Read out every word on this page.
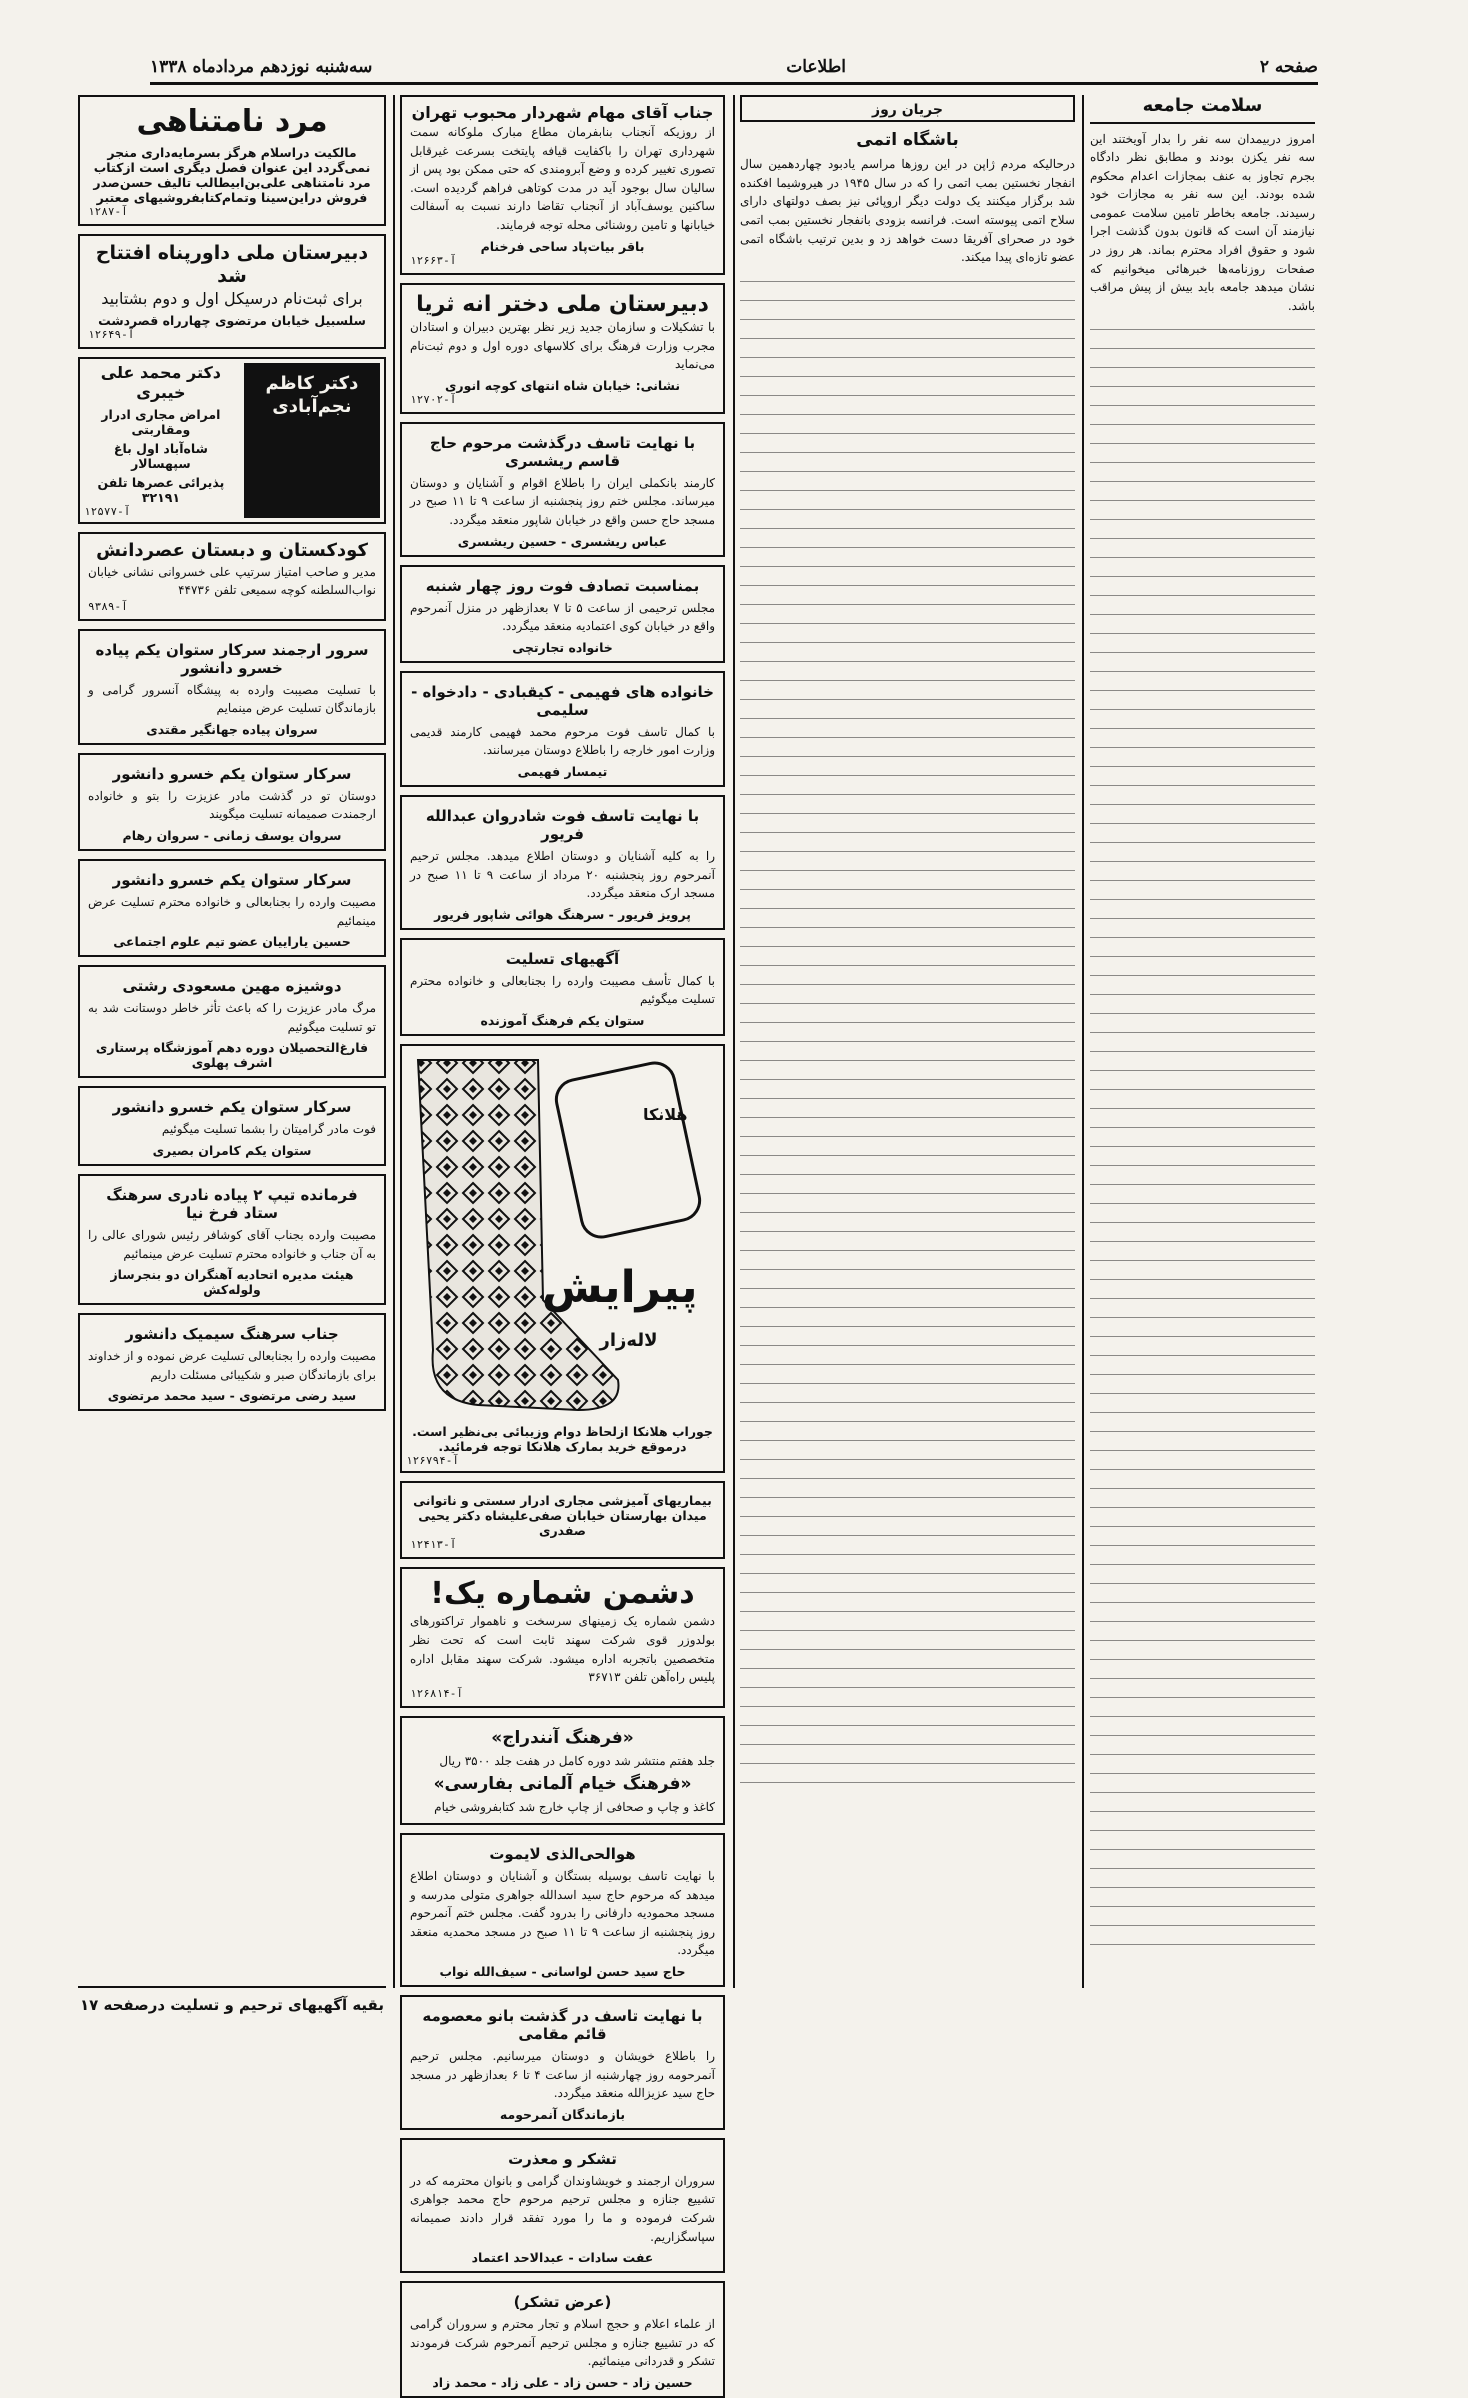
صفحه ۲
اطلاعات
سه‌شنبه نوزدهم مردادماه ۱۳۳۸
سلامت جامعه
امروز دربیمدان سه نفر را بدار آویختند این سه نفر یکزن بودند و مطابق نظر دادگاه بجرم تجاوز به عنف بمجازات اعدام محکوم شده بودند. این سه نفر به مجازات خود رسیدند. جامعه بخاطر تامین سلامت عمومی نیازمند آن است که قانون بدون گذشت اجرا شود و حقوق افراد محترم بماند. هر روز در صفحات روزنامه‌ها خبرهائی میخوانیم که نشان میدهد جامعه باید بیش از پیش مراقب باشد.
جریان روز
باشگاه اتمی
درحالیکه مردم ژاپن در این روزها مراسم یادبود چهاردهمین سال انفجار نخستین بمب اتمی را که در سال ۱۹۴۵ در هیروشیما افکنده شد برگزار میکنند یک دولت دیگر اروپائی نیز بصف دولتهای دارای سلاح اتمی پیوسته است. فرانسه بزودی بانفجار نخستین بمب اتمی خود در صحرای آفریقا دست خواهد زد و بدین ترتیب باشگاه اتمی عضو تازه‌ای پیدا میکند.
جناب آقای مهام شهردار محبوب تهران
از روزیکه آنجناب بنابفرمان مطاع مبارک ملوکانه سمت شهرداری تهران را باکفایت قیافه پایتخت بسرعت غیرقابل تصوری تغییر کرده و وضع آبرومندی که حتی ممکن بود پس از سالیان سال بوجود آید در مدت کوتاهی فراهم گردیده است. ساکنین یوسف‌آباد از آنجناب تقاضا دارند نسبت به آسفالت خیابانها و تامین روشنائی محله توجه فرمایند.
باقر بیات‌پاد ساحی فرخنام
آ-۱۲۶۶۳
دبیرستان ملی دختر انه ثریا
با تشکیلات و سازمان جدید زیر نظر بهترین دبیران و استادان مجرب وزارت فرهنگ برای کلاسهای دوره اول و دوم ثبت‌نام می‌نماید
نشانی: خیابان شاه انتهای کوچه انوری
آ-۱۲۷۰۲
با نهایت تاسف درگذشت مرحوم حاج قاسم ریشسری
کارمند بانکملی ایران را باطلاع اقوام و آشنایان و دوستان میرساند. مجلس ختم روز پنجشنبه از ساعت ۹ تا ۱۱ صبح در مسجد حاج حسن واقع در خیابان شاپور منعقد میگردد.
عباس ریشسری - حسین ریشسری
بمناسبت تصادف فوت روز چهار شنبه
مجلس ترحیمی از ساعت ۵ تا ۷ بعدازظهر در منزل آنمرحوم واقع در خیابان کوی اعتمادیه منعقد میگردد.
خانواده تجارتچی
خانواده های فهیمی - کیقبادی - دادخواه - سلیمی
با کمال تاسف فوت مرحوم محمد فهیمی کارمند قدیمی وزارت امور خارجه را باطلاع دوستان میرسانند.
تیمسار فهیمی
با نهایت تاسف فوت شادروان عبدالله فریور
را به کلیه آشنایان و دوستان اطلاع میدهد. مجلس ترحیم آنمرحوم روز پنجشنبه ۲۰ مرداد از ساعت ۹ تا ۱۱ صبح در مسجد ارک منعقد میگردد.
پرویز فریور - سرهنگ هوائی شاپور فریور
آگهیهای تسلیت
با کمال تأسف مصیبت وارده را بجنابعالی و خانواده محترم تسلیت میگوئیم
ستوان یکم فرهنگ آموزنده
هلانکا
پیرایش
لاله‌زار
جوراب هلانکا ازلحاظ دوام وزیبائی بی‌نظیر است. درموقع خرید بمارک هلانکا توجه فرمائید.
آ-۱۲۶۷۹۴
بیماریهای آمیزشی مجاری ادرار سستی و ناتوانی میدان بهارستان خیابان صفی‌علیشاه دکتر یحیی صفدری
آ-۱۲۴۱۳
دشمن شماره یک!
دشمن شماره یک زمینهای سرسخت و ناهموار تراکتورهای بولدوزر قوی شرکت سهند ثابت است که تحت نظر متخصصین باتجربه اداره میشود. شرکت سهند مقابل اداره پلیس راه‌آهن تلفن ۳۶۷۱۳
آ-۱۲۶۸۱۴
«فرهنگ آنندراج»
جلد هفتم منتشر شد دوره کامل در هفت جلد ۳۵۰۰ ریال
«فرهنگ خیام آلمانی بفارسی»
کاغذ و چاپ و صحافی از چاپ خارج شد کتابفروشی خیام
هوالحی‌الذی لایموت
با نهایت تاسف بوسیله بستگان و آشنایان و دوستان اطلاع میدهد که مرحوم حاج سید اسدالله جواهری متولی مدرسه و مسجد محمودیه دارفانی را بدرود گفت. مجلس ختم آنمرحوم روز پنجشنبه از ساعت ۹ تا ۱۱ صبح در مسجد محمدیه منعقد میگردد.
حاج سید حسن لواسانی - سیف‌الله نواب
با نهایت تاسف در گذشت بانو معصومه قائم مقامی
را باطلاع خویشان و دوستان میرسانیم. مجلس ترحیم آنمرحومه روز چهارشنبه از ساعت ۴ تا ۶ بعدازظهر در مسجد حاج سید عزیزالله منعقد میگردد.
بازماندگان آنمرحومه
تشکر و معذرت
سروران ارجمند و خویشاوندان گرامی و بانوان محترمه که در تشییع جنازه و مجلس ترحیم مرحوم حاج محمد جواهری شرکت فرموده و ما را مورد تفقد قرار دادند صمیمانه سپاسگزاریم.
عفت سادات - عبدالاحد اعتماد
(عرض تشکر)
از علماء اعلام و حجج اسلام و تجار محترم و سروران گرامی که در تشییع جنازه و مجلس ترحیم آنمرحوم شرکت فرمودند تشکر و قدردانی مینمائیم.
حسین زاد - حسن زاد - علی زاد - محمد زاد
مرد نامتناهی
مالکیت دراسلام هرگز بسرمایه‌داری منجر نمی‌گردد این عنوان فصل دیگری است ازکتاب مرد نامتناهی علی‌بن‌ابیطالب تالیف حسن‌صدر فروش دراین‌سینا وتمام‌کتابفروشیهای معتبر
آ-۱۲۸۷
دبیرستان ملی داورپناه افتتاح شد
برای ثبت‌نام درسیکل اول و دوم بشتابید
سلسبیل خیابان مرتضوی چهارراه قصردشت
آ-۱۲۶۴۹
دکتر کاظم نجم‌آبادی
دکتر محمد علی خیبری
امراض مجاری ادرار ومقاربتی
شاه‌آباد اول باغ سپهسالار
پذیرائی عصرها تلفن ۳۲۱۹۱
آ-۱۲۵۷۷
کودکستان و دبستان عصردانش
مدیر و صاحب امتیاز سرتیپ علی خسروانی نشانی خیابان نواب‌السلطنه کوچه سمیعی تلفن ۴۴۷۳۶
آ-۹۳۸۹
سرور ارجمند سرکار ستوان یکم پیاده خسرو دانشور
با تسلیت مصیبت وارده به پیشگاه آنسرور گرامی و بازماندگان تسلیت عرض مینمایم
سروان پیاده جهانگیر مقتدی
سرکار ستوان یکم خسرو دانشور
دوستان تو در گذشت مادر عزیزت را بتو و خانواده ارجمندت صمیمانه تسلیت میگویند
سروان یوسف زمانی - سروان رهام
سرکار ستوان یکم خسرو دانشور
مصیبت وارده را بجنابعالی و خانواده محترم تسلیت عرض مینمائیم
حسین یاراییان عضو تیم علوم اجتماعی
دوشیزه مهین مسعودی رشتی
مرگ مادر عزیزت را که باعث تأثر خاطر دوستانت شد به تو تسلیت میگوئیم
فارغ‌التحصیلان دوره دهم آموزشگاه پرستاری اشرف پهلوی
سرکار ستوان یکم خسرو دانشور
فوت مادر گرامیتان را بشما تسلیت میگوئیم
ستوان یکم کامران بصیری
فرمانده تیپ ۲ پیاده نادری سرهنگ ستاد فرخ نیا
مصیبت وارده بجناب آقای کوشافر رئیس شورای عالی را به آن جناب و خانواده محترم تسلیت عرض مینمائیم
هیئت مدیره اتحادیه آهنگران دو بنجرساز ولوله‌کش
جناب سرهنگ سیمیک دانشور
مصیبت وارده را بجنابعالی تسلیت عرض نموده و از خداوند برای بازماندگان صبر و شکیبائی مسئلت داریم
سید رضی مرتضوی - سید محمد مرتضوی
بقیه آگهیهای ترحیم و تسلیت درصفحه ۱۷
